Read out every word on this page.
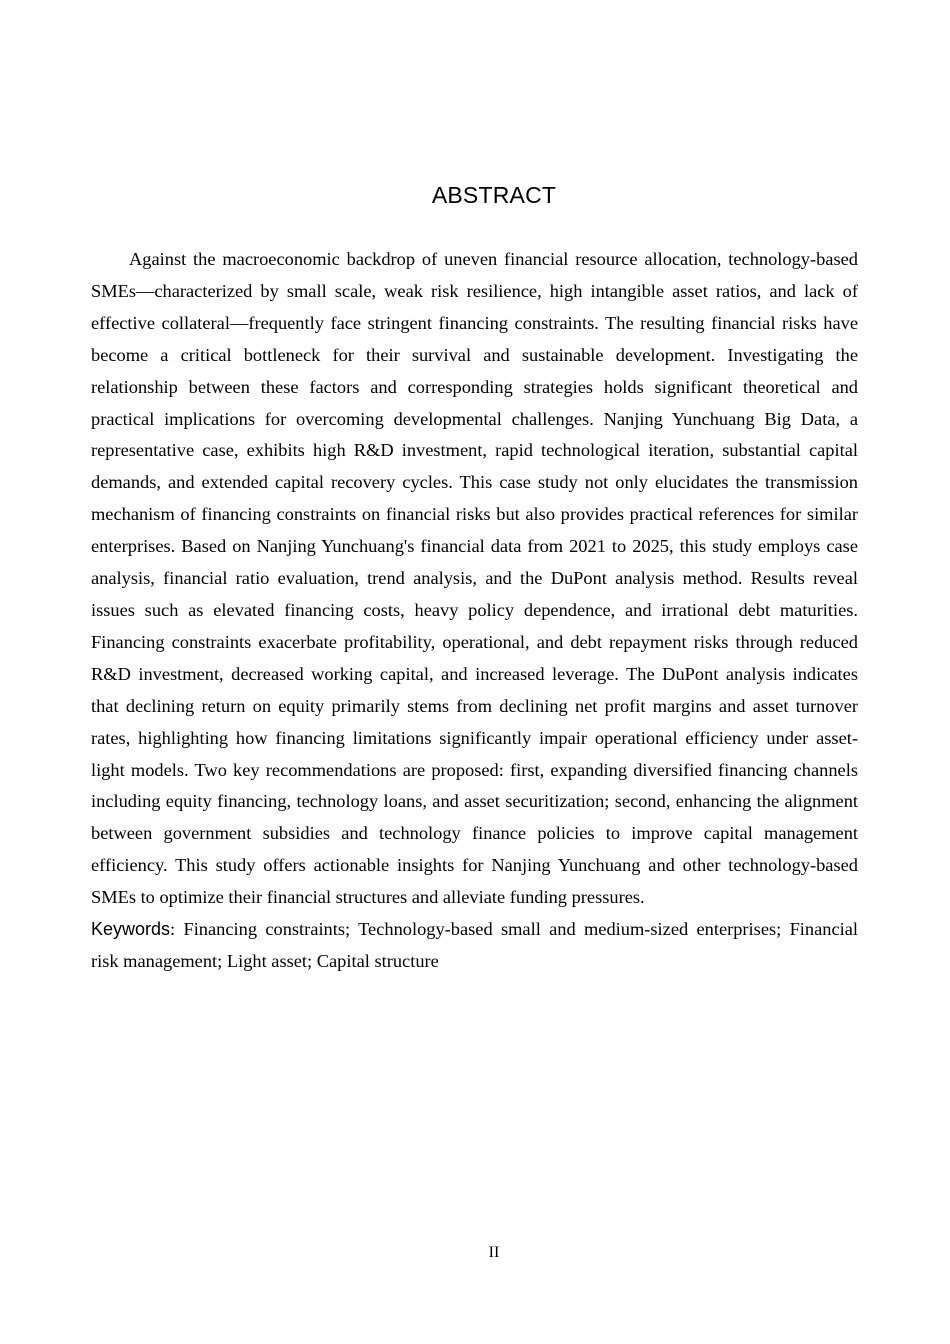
ABSTRACT

Against the macroeconomic backdrop of uneven financial resource allocation, technology-based SMEs—characterized by small scale, weak risk resilience, high intangible asset ratios, and lack of effective collateral—frequently face stringent financing constraints. The resulting financial risks have become a critical bottleneck for their survival and sustainable development. Investigating the relationship between these factors and corresponding strategies holds significant theoretical and practical implications for overcoming developmental challenges. Nanjing Yunchuang Big Data, a representative case, exhibits high R&D investment, rapid technological iteration, substantial capital demands, and extended capital recovery cycles. This case study not only elucidates the transmission mechanism of financing constraints on financial risks but also provides practical references for similar enterprises. Based on Nanjing Yunchuang's financial data from 2021 to 2025, this study employs case analysis, financial ratio evaluation, trend analysis, and the DuPont analysis method. Results reveal issues such as elevated financing costs, heavy policy dependence, and irrational debt maturities. Financing constraints exacerbate profitability, operational, and debt repayment risks through reduced R&D investment, decreased working capital, and increased leverage. The DuPont analysis indicates that declining return on equity primarily stems from declining net profit margins and asset turnover rates, highlighting how financing limitations significantly impair operational efficiency under asset-light models. Two key recommendations are proposed: first, expanding diversified financing channels including equity financing, technology loans, and asset securitization; second, enhancing the alignment between government subsidies and technology finance policies to improve capital management efficiency. This study offers actionable insights for Nanjing Yunchuang and other technology-based SMEs to optimize their financial structures and alleviate funding pressures.

Keywords: Financing constraints; Technology-based small and medium-sized enterprises; Financial risk management; Light asset; Capital structure

II
